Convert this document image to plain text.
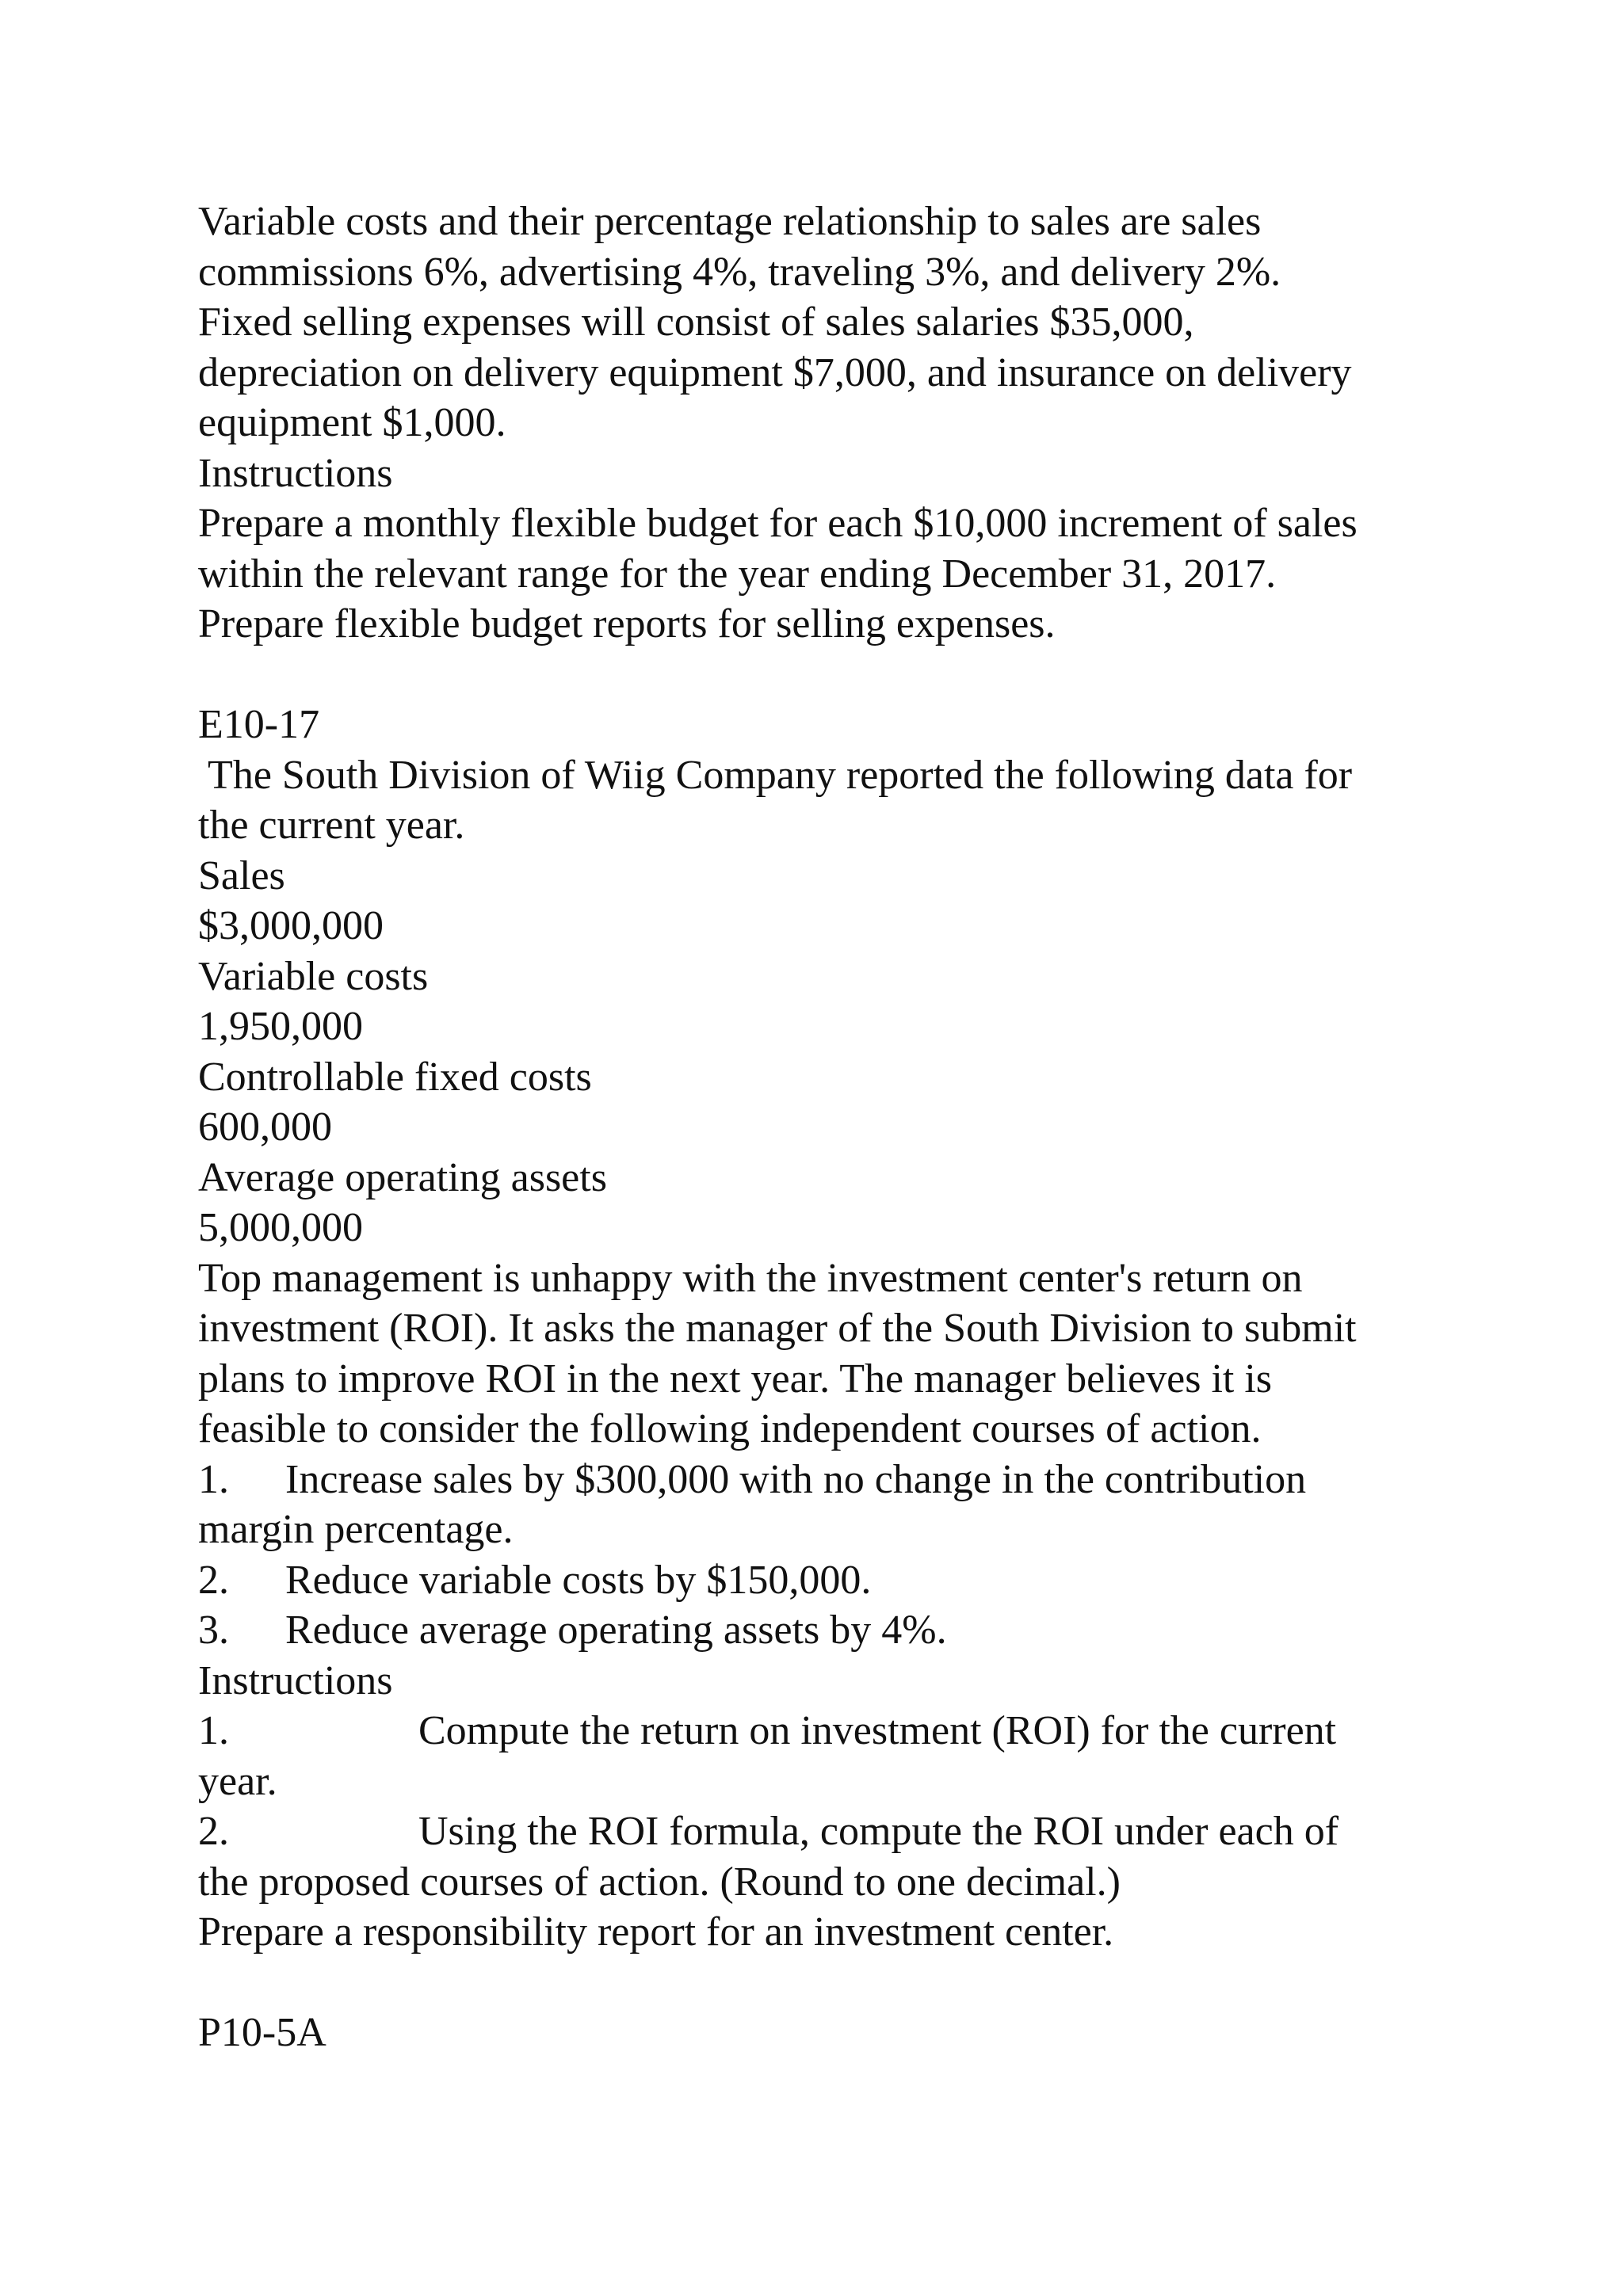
Variable costs and their percentage relationship to sales are sales
commissions 6%, advertising 4%, traveling 3%, and delivery 2%.
Fixed selling expenses will consist of sales salaries $35,000,
depreciation on delivery equipment $7,000, and insurance on delivery
equipment $1,000.
Instructions
Prepare a monthly flexible budget for each $10,000 increment of sales
within the relevant range for the year ending December 31, 2017.
Prepare flexible budget reports for selling expenses.
E10-17
The South Division of Wiig Company reported the following data for
the current year.
Sales
$3,000,000
Variable costs
1,950,000
Controllable fixed costs
600,000
Average operating assets
5,000,000
Top management is unhappy with the investment center's return on
investment (ROI). It asks the manager of the South Division to submit
plans to improve ROI in the next year. The manager believes it is
feasible to consider the following independent courses of action.
1. Increase sales by $300,000 with no change in the contribution
margin percentage.
2. Reduce variable costs by $150,000.
3. Reduce average operating assets by 4%.
Instructions
1.	Compute the return on investment (ROI) for the current
year.
2.	Using the ROI formula, compute the ROI under each of
the proposed courses of action. (Round to one decimal.)
Prepare a responsibility report for an investment center.
P10-5A
